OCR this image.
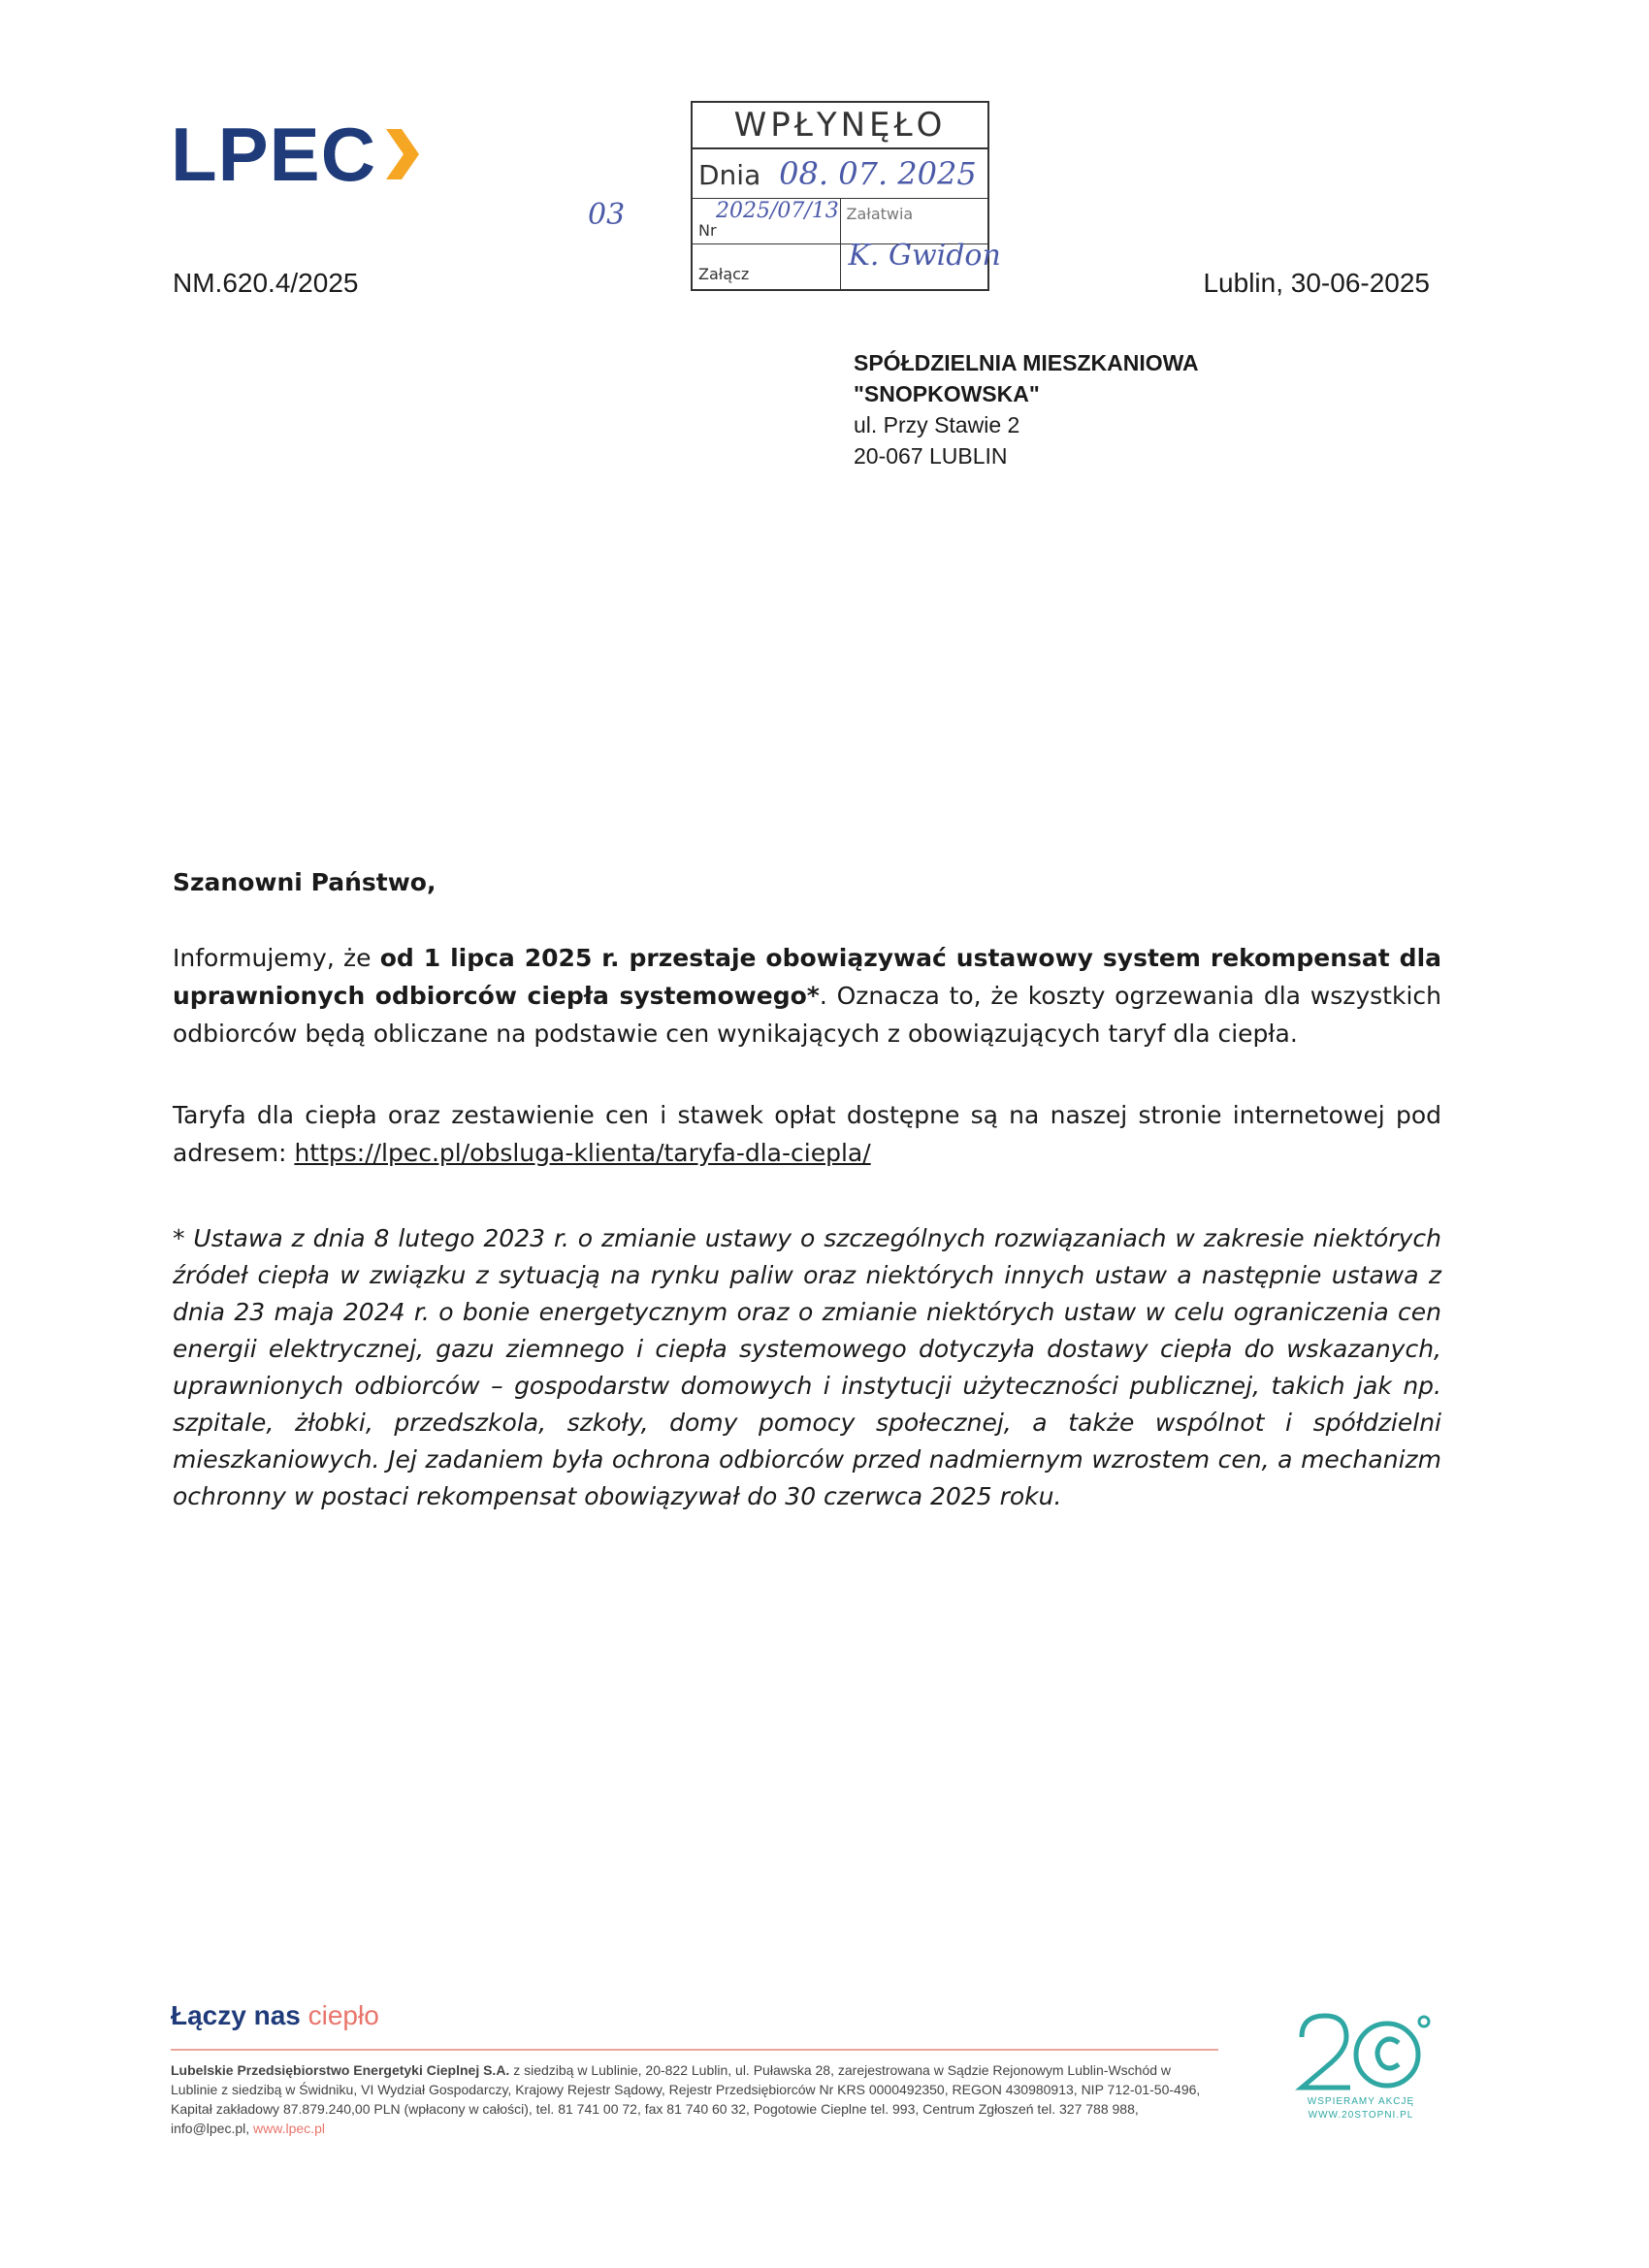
LPEC
NM.620.4/2025	Lublin, 30-06-2025
WPŁYNĘŁO
Dnia 08. 07. 2025
Nr
2025/07/13 Załatwia
Załącz
K. Gwidon
03
SPÓŁDZIELNIA MIESZKANIOWA
"SNOPKOWSKA"
ul. Przy Stawie 2
20-067 LUBLIN
Szanowni Państwo,
Informujemy, że od 1 lipca 2025 r. przestaje obowiązywać ustawowy system rekompensat dla uprawnionych odbiorców ciepła systemowego*. Oznacza to, że koszty ogrzewania dla wszystkich odbiorców będą obliczane na podstawie cen wynikających z obowiązujących taryf dla ciepła.
Taryfa dla ciepła oraz zestawienie cen i stawek opłat dostępne są na naszej stronie internetowej pod adresem: https://lpec.pl/obsluga-klienta/taryfa-dla-ciepla/
* Ustawa z dnia 8 lutego 2023 r. o zmianie ustawy o szczególnych rozwiązaniach w zakresie niektórych źródeł ciepła w związku z sytuacją na rynku paliw oraz niektórych innych ustaw a następnie ustawa z dnia 23 maja 2024 r. o bonie energetycznym oraz o zmianie niektórych ustaw w celu ograniczenia cen energii elektrycznej, gazu ziemnego i ciepła systemowego dotyczyła dostawy ciepła do wskazanych, uprawnionych odbiorców – gospodarstw domowych i instytucji użyteczności publicznej, takich jak np. szpitale, żłobki, przedszkola, szkoły, domy pomocy społecznej, a także wspólnot i spółdzielni mieszkaniowych. Jej zadaniem była ochrona odbiorców przed nadmiernym wzrostem cen, a mechanizm ochronny w postaci rekompensat obowiązywał do 30 czerwca 2025 roku.
Łączy nas ciepło
Lubelskie Przedsiębiorstwo Energetyki Cieplnej S.A. z siedzibą w Lublinie, 20-822 Lublin, ul. Puławska 28, zarejestrowana w Sądzie Rejonowym Lublin-Wschód w Lublinie z siedzibą w Świdniku, VI Wydział Gospodarczy, Krajowy Rejestr Sądowy, Rejestr Przedsiębiorców Nr KRS 0000492350, REGON 430980913, NIP 712-01-50-496, Kapitał zakładowy 87.879.240,00 PLN (wpłacony w całości), tel. 81 741 00 72, fax 81 740 60 32, Pogotowie Cieplne tel. 993, Centrum Zgłoszeń tel. 327 788 988, info@lpec.pl, www.lpec.pl
WSPIERAMY AKCJĘ
WWW.20STOPNI.PL
